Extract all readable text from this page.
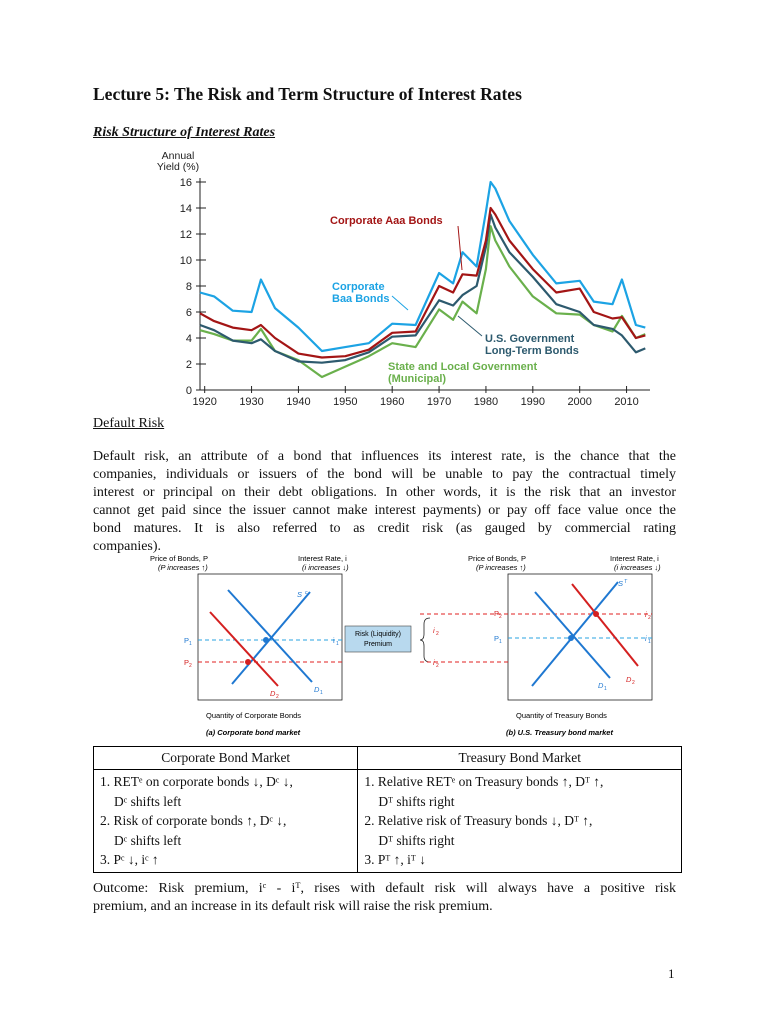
Lecture 5: The Risk and Term Structure of Interest Rates
Risk Structure of Interest Rates
Annual
Yield (%)
0
2
4
6
8
10
12
14
16
1920 1930 1940 1950 1960 1970 1980 1990 2000 2010
Corporate
Baa Bonds
Corporate Aaa Bonds
U.S. Government
Long-Term Bonds
State and Local Government
(Municipal)
Default Risk
Default risk, an attribute of a bond that influences its interest rate, is the chance that the
companies, individuals or issuers of the bond will be unable to pay the contractual timely
interest or principal on their debt obligations. In other words, it is the risk that an investor
cannot get paid since the issuer cannot make interest payments) or pay off face value once the
bond matures. It is also referred to as credit risk (as gauged by commercial rating
companies).
Price of Bonds, P
(P increases ↑)
Interest Rate, i
(i increases ↓)
S c
P 1
P 2
i 1
D 1
D 2
Quantity of Corporate Bonds
(a) Corporate bond market
Risk (Liquidity)
Premium
i 2
i 2
Price of Bonds, P
(P increases ↑)
Interest Rate, i
(i increases ↓)
S T
P 2
P 1
i 2
i 1
D 1
D 2
Quantity of Treasury Bonds
(b) U.S. Treasury bond market
Corporate Bond Market	Treasury Bond Market

1. RETᵉ on corporate bonds ↓, Dᶜ ↓,
Dᶜ shifts left
2. Risk of corporate bonds ↑, Dᶜ ↓,
Dᶜ shifts left
3. Pᶜ ↓, iᶜ ↑	1. Relative RETᵉ on Treasury bonds ↑, Dᵀ ↑,
Dᵀ shifts right
2. Relative risk of Treasury bonds ↓, Dᵀ ↑,
Dᵀ shifts right
3. Pᵀ ↑, iᵀ ↓
Outcome: Risk premium, iᶜ - iᵀ, rises with default risk will always have a positive risk
premium, and an increase in its default risk will raise the risk premium.
1
